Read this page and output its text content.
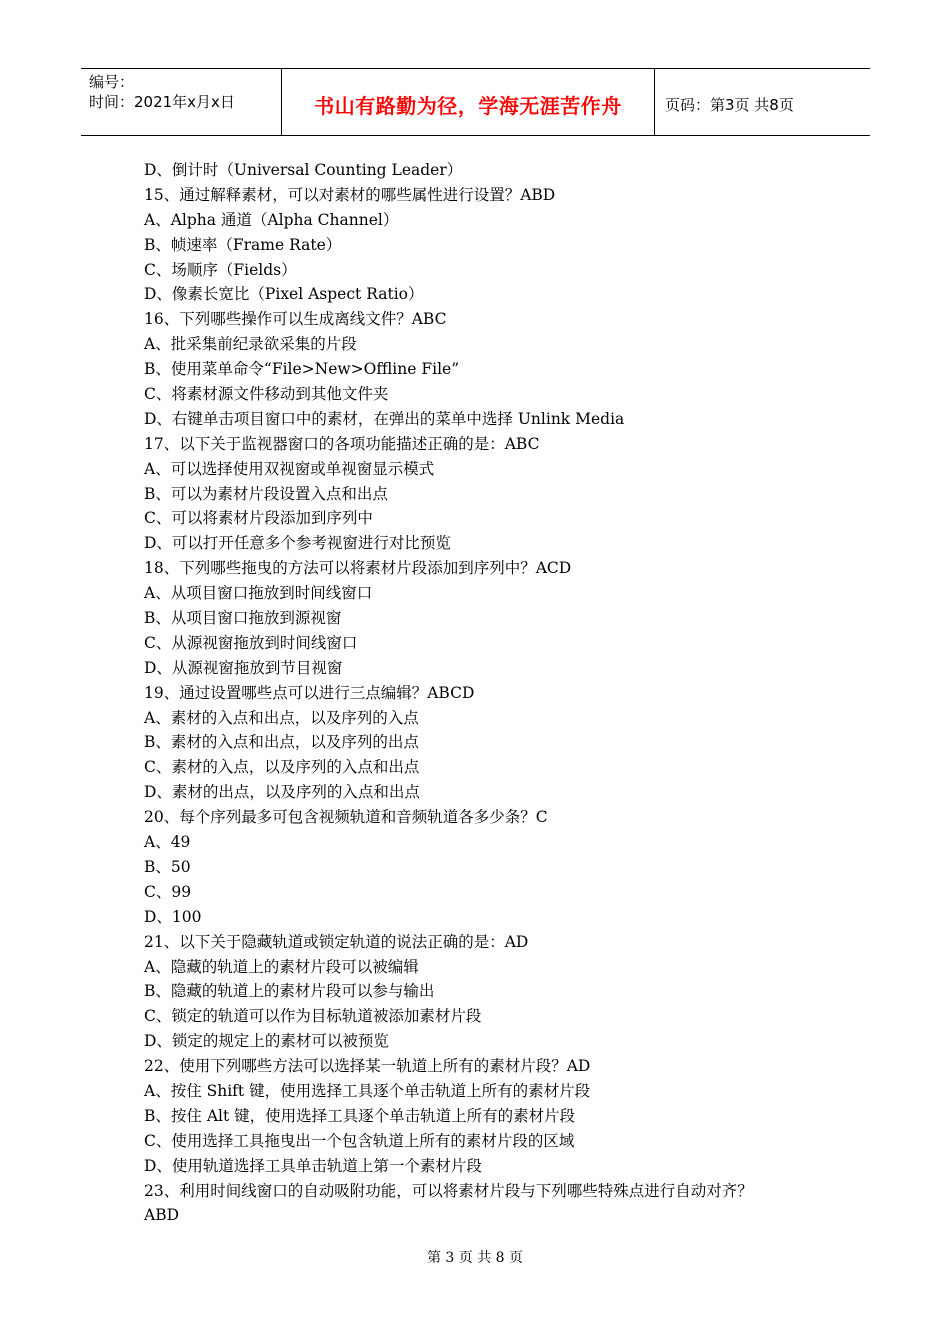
编号：
时间：2021年x月x日	书山有路勤为径，学海无涯苦作舟	页码：第3页 共8页
D、倒计时（Universal Counting Leader）
15、通过解释素材，可以对素材的哪些属性进行设置？ABD
A、Alpha 通道（Alpha Channel）
B、帧速率（Frame Rate）
C、场顺序（Fields）
D、像素长宽比（Pixel Aspect Ratio）
16、下列哪些操作可以生成离线文件？ABC
A、批采集前纪录欲采集的片段
B、使用菜单命令“File>New>Offline File”
C、将素材源文件移动到其他文件夹
D、右键单击项目窗口中的素材，在弹出的菜单中选择 Unlink Media
17、以下关于监视器窗口的各项功能描述正确的是：ABC
A、可以选择使用双视窗或单视窗显示模式
B、可以为素材片段设置入点和出点
C、可以将素材片段添加到序列中
D、可以打开任意多个参考视窗进行对比预览
18、下列哪些拖曳的方法可以将素材片段添加到序列中？ACD
A、从项目窗口拖放到时间线窗口
B、从项目窗口拖放到源视窗
C、从源视窗拖放到时间线窗口
D、从源视窗拖放到节目视窗
19、通过设置哪些点可以进行三点编辑？ABCD
A、素材的入点和出点，以及序列的入点
B、素材的入点和出点，以及序列的出点
C、素材的入点，以及序列的入点和出点
D、素材的出点，以及序列的入点和出点
20、每个序列最多可包含视频轨道和音频轨道各多少条？C
A、49
B、50
C、99
D、100
21、以下关于隐藏轨道或锁定轨道的说法正确的是：AD
A、隐藏的轨道上的素材片段可以被编辑
B、隐藏的轨道上的素材片段可以参与输出
C、锁定的轨道可以作为目标轨道被添加素材片段
D、锁定的规定上的素材可以被预览
22、使用下列哪些方法可以选择某一轨道上所有的素材片段？AD
A、按住 Shift 键，使用选择工具逐个单击轨道上所有的素材片段
B、按住 Alt 键，使用选择工具逐个单击轨道上所有的素材片段
C、使用选择工具拖曳出一个包含轨道上所有的素材片段的区域
D、使用轨道选择工具单击轨道上第一个素材片段
23、利用时间线窗口的自动吸附功能，可以将素材片段与下列哪些特殊点进行自动对齐？
ABD
第 3 页 共 8 页
